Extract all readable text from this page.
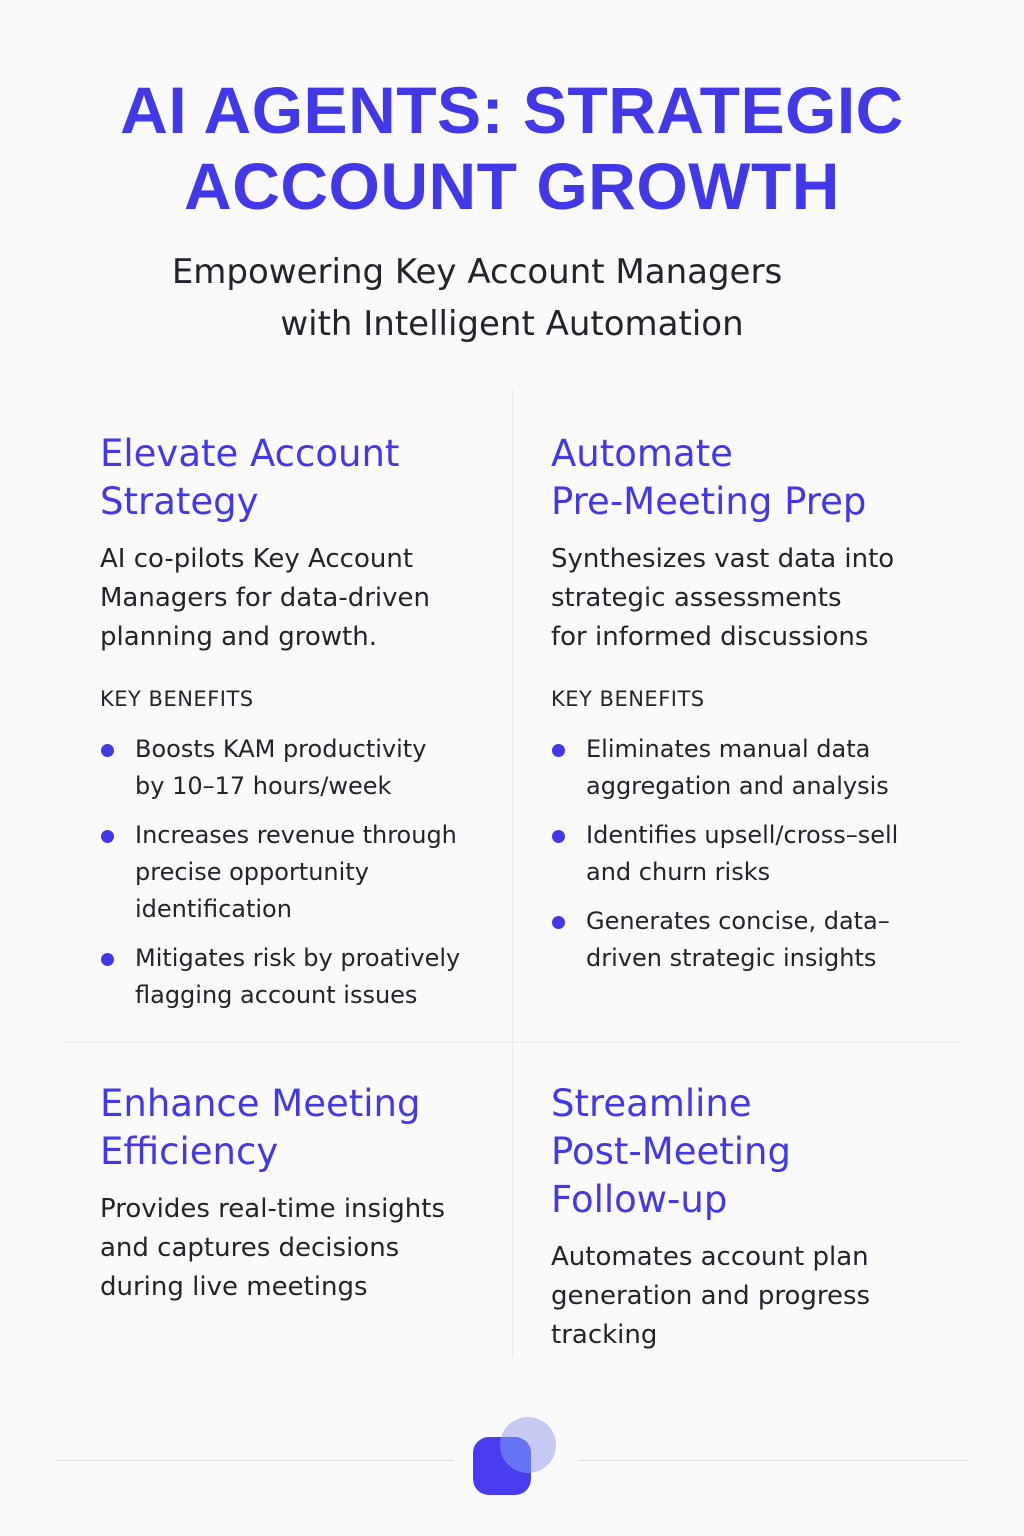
AI AGENTS: STRATEGIC
ACCOUNT GROWTH

Empowering Key Account Managers
with Intelligent Automation

Elevate Account
Strategy

AI co-pilots Key Account
Managers for data-driven
planning and growth.

KEY BENEFITS

Boosts KAM productivity
by 10–17 hours/week
Increases revenue through
precise opportunity
identification
Mitigates risk by proatively
flagging account issues
Automate
Pre-Meeting Prep

Synthesizes vast data into
strategic assessments
for informed discussions

KEY BENEFITS

Eliminates manual data
aggregation and analysis
Identifies upsell/cross–sell
and churn risks
Generates concise, data–
driven strategic insights
Enhance Meeting
Efficiency

Provides real-time insights
and captures decisions
during live meetings

Streamline
Post-Meeting
Follow-up

Automates account plan
generation and progress
tracking
